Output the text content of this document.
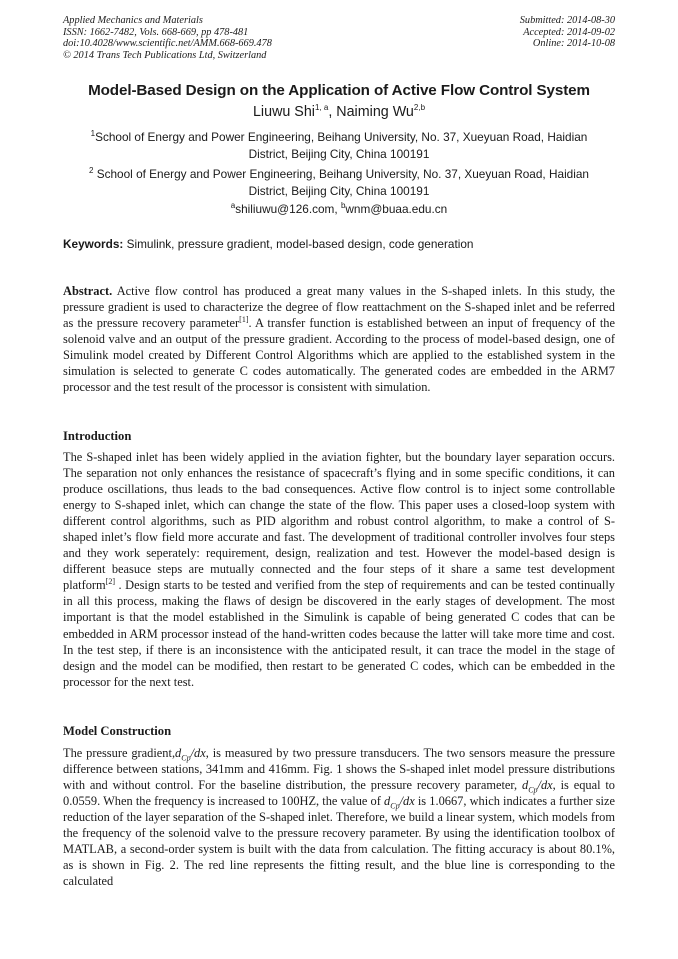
Applied Mechanics and Materials
ISSN: 1662-7482, Vols. 668-669, pp 478-481
doi:10.4028/www.scientific.net/AMM.668-669.478
© 2014 Trans Tech Publications Ltd, Switzerland
Submitted: 2014-08-30
Accepted: 2014-09-02
Online: 2014-10-08
Model-Based Design on the Application of Active Flow Control System
Liuwu Shi$^{1, a}$, Naiming Wu$^{2,b}$
$^1$School of Energy and Power Engineering, Beihang University, No. 37, Xueyuan Road, Haidian
District, Beijing City, China 100191
$^2$ School of Energy and Power Engineering, Beihang University, No. 37, Xueyuan Road, Haidian
District, Beijing City, China 100191
$^a$shiliuwu@126.com, $^b$wnm@buaa.edu.cn
Keywords: Simulink, pressure gradient, model-based design, code generation
Abstract. Active flow control has produced a great many values in the S-shaped inlets. In this study, the pressure gradient is used to characterize the degree of flow reattachment on the S-shaped inlet and be referred as the pressure recovery parameter[1]. A transfer function is established between an input of frequency of the solenoid valve and an output of the pressure gradient. According to the process of model-based design, one of Simulink model created by Different Control Algorithms which are applied to the established system in the simulation is selected to generate C codes automatically. The generated codes are embedded in the ARM7 processor and the test result of the processor is consistent with simulation.
Introduction
The S-shaped inlet has been widely applied in the aviation fighter, but the boundary layer separation occurs. The separation not only enhances the resistance of spacecraft’s flying and in some specific conditions, it can produce oscillations, thus leads to the bad consequences. Active flow control is to inject some controllable energy to S-shaped inlet, which can change the state of the flow. This paper uses a closed-loop system with different control algorithms, such as PID algorithm and robust control algorithm, to make a control of S-shaped inlet’s flow field more accurate and fast. The development of traditional controller involves four steps and they work seperately: requirement, design, realization and test. However the model-based design is different beasuce steps are mutually connected and the four steps of it share a same test development platform[2] . Design starts to be tested and verified from the step of requirements and can be tested continually in all this process, making the flaws of design be discovered in the early stages of development. The most important is that the model established in the Simulink is capable of being generated C codes that can be embedded in ARM processor instead of the hand-written codes because the latter will take more time and cost. In the test step, if there is an inconsistence with the anticipated result, it can trace the model in the stage of design and the model can be modified, then restart to be generated C codes, which can be embedded in the processor for the next test.
Model Construction
The pressure $gradient,d_{Cp}/dx$, is measured by two pressure transducers. The two sensors measure the pressure difference between stations, 341mm and 416mm. Fig. 1 shows the S-shaped inlet model pressure distributions with and without control. For the baseline distribution, the pressure recovery parameter, $d_{Cp}/dx$, is equal to 0.0559. When the frequency is increased to 100HZ, the value of $d_{Cp}/dx$ is 1.0667, which indicates a further size reduction of the layer separation of the S-shaped inlet. Therefore, we build a linear system, which models from the frequency of the solenoid valve to the pressure recovery parameter. By using the identification toolbox of MATLAB, a second-order system is built with the data from calculation. The fitting accuracy is about 80.1%, as is shown in Fig. 2. The red line represents the fitting result, and the blue line is corresponding to the calculated
